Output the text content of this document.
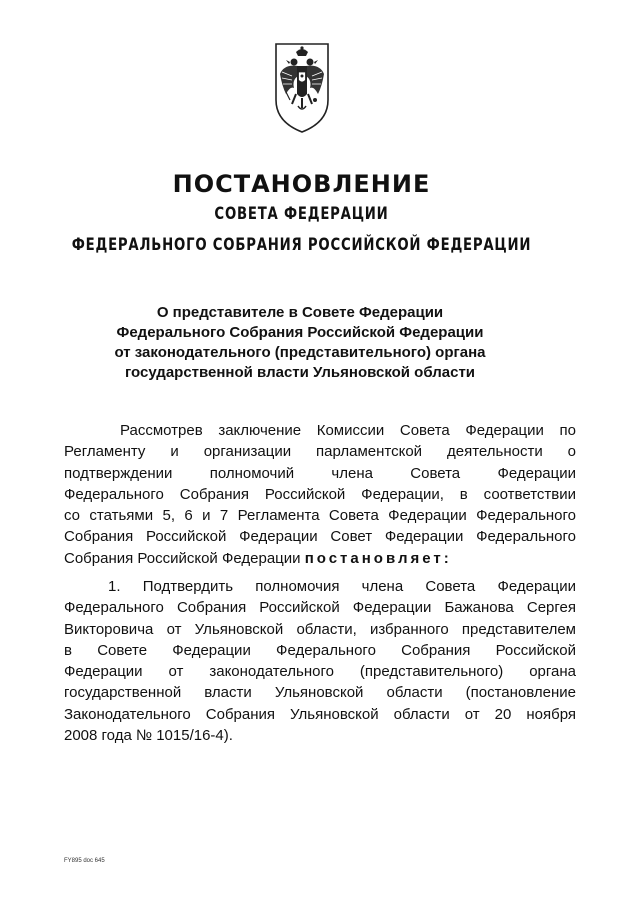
ПОСТАНОВЛЕНИЕ
СОВЕТА ФЕДЕРАЦИИ
ФЕДЕРАЛЬНОГО СОБРАНИЯ РОССИЙСКОЙ ФЕДЕРАЦИИ
О представителе в Совете Федерации
Федерального Собрания Российской Федерации
от законодательного (представительного) органа
государственной власти Ульяновской области
Рассмотрев заключение Комиссии Совета Федерации по
Регламенту и организации парламентской деятельности о
подтверждении полномочий члена Совета Федерации
Федерального Собрания Российской Федерации, в соответствии
со статьями 5, 6 и 7 Регламента Совета Федерации Федерального
Собрания Российской Федерации Совет Федерации Федерального
Собрания Российской Федерации постановляет:
1. Подтвердить полномочия члена Совета Федерации
Федерального Собрания Российской Федерации Бажанова Сергея
Викторовича от Ульяновской области, избранного представителем
в Совете Федерации Федерального Собрания Российской
Федерации от законодательного (представительного) органа
государственной власти Ульяновской области (постановление
Законодательного Собрания Ульяновской области от 20 ноября
2008 года № 1015/16-4).
FY895 doc 645
